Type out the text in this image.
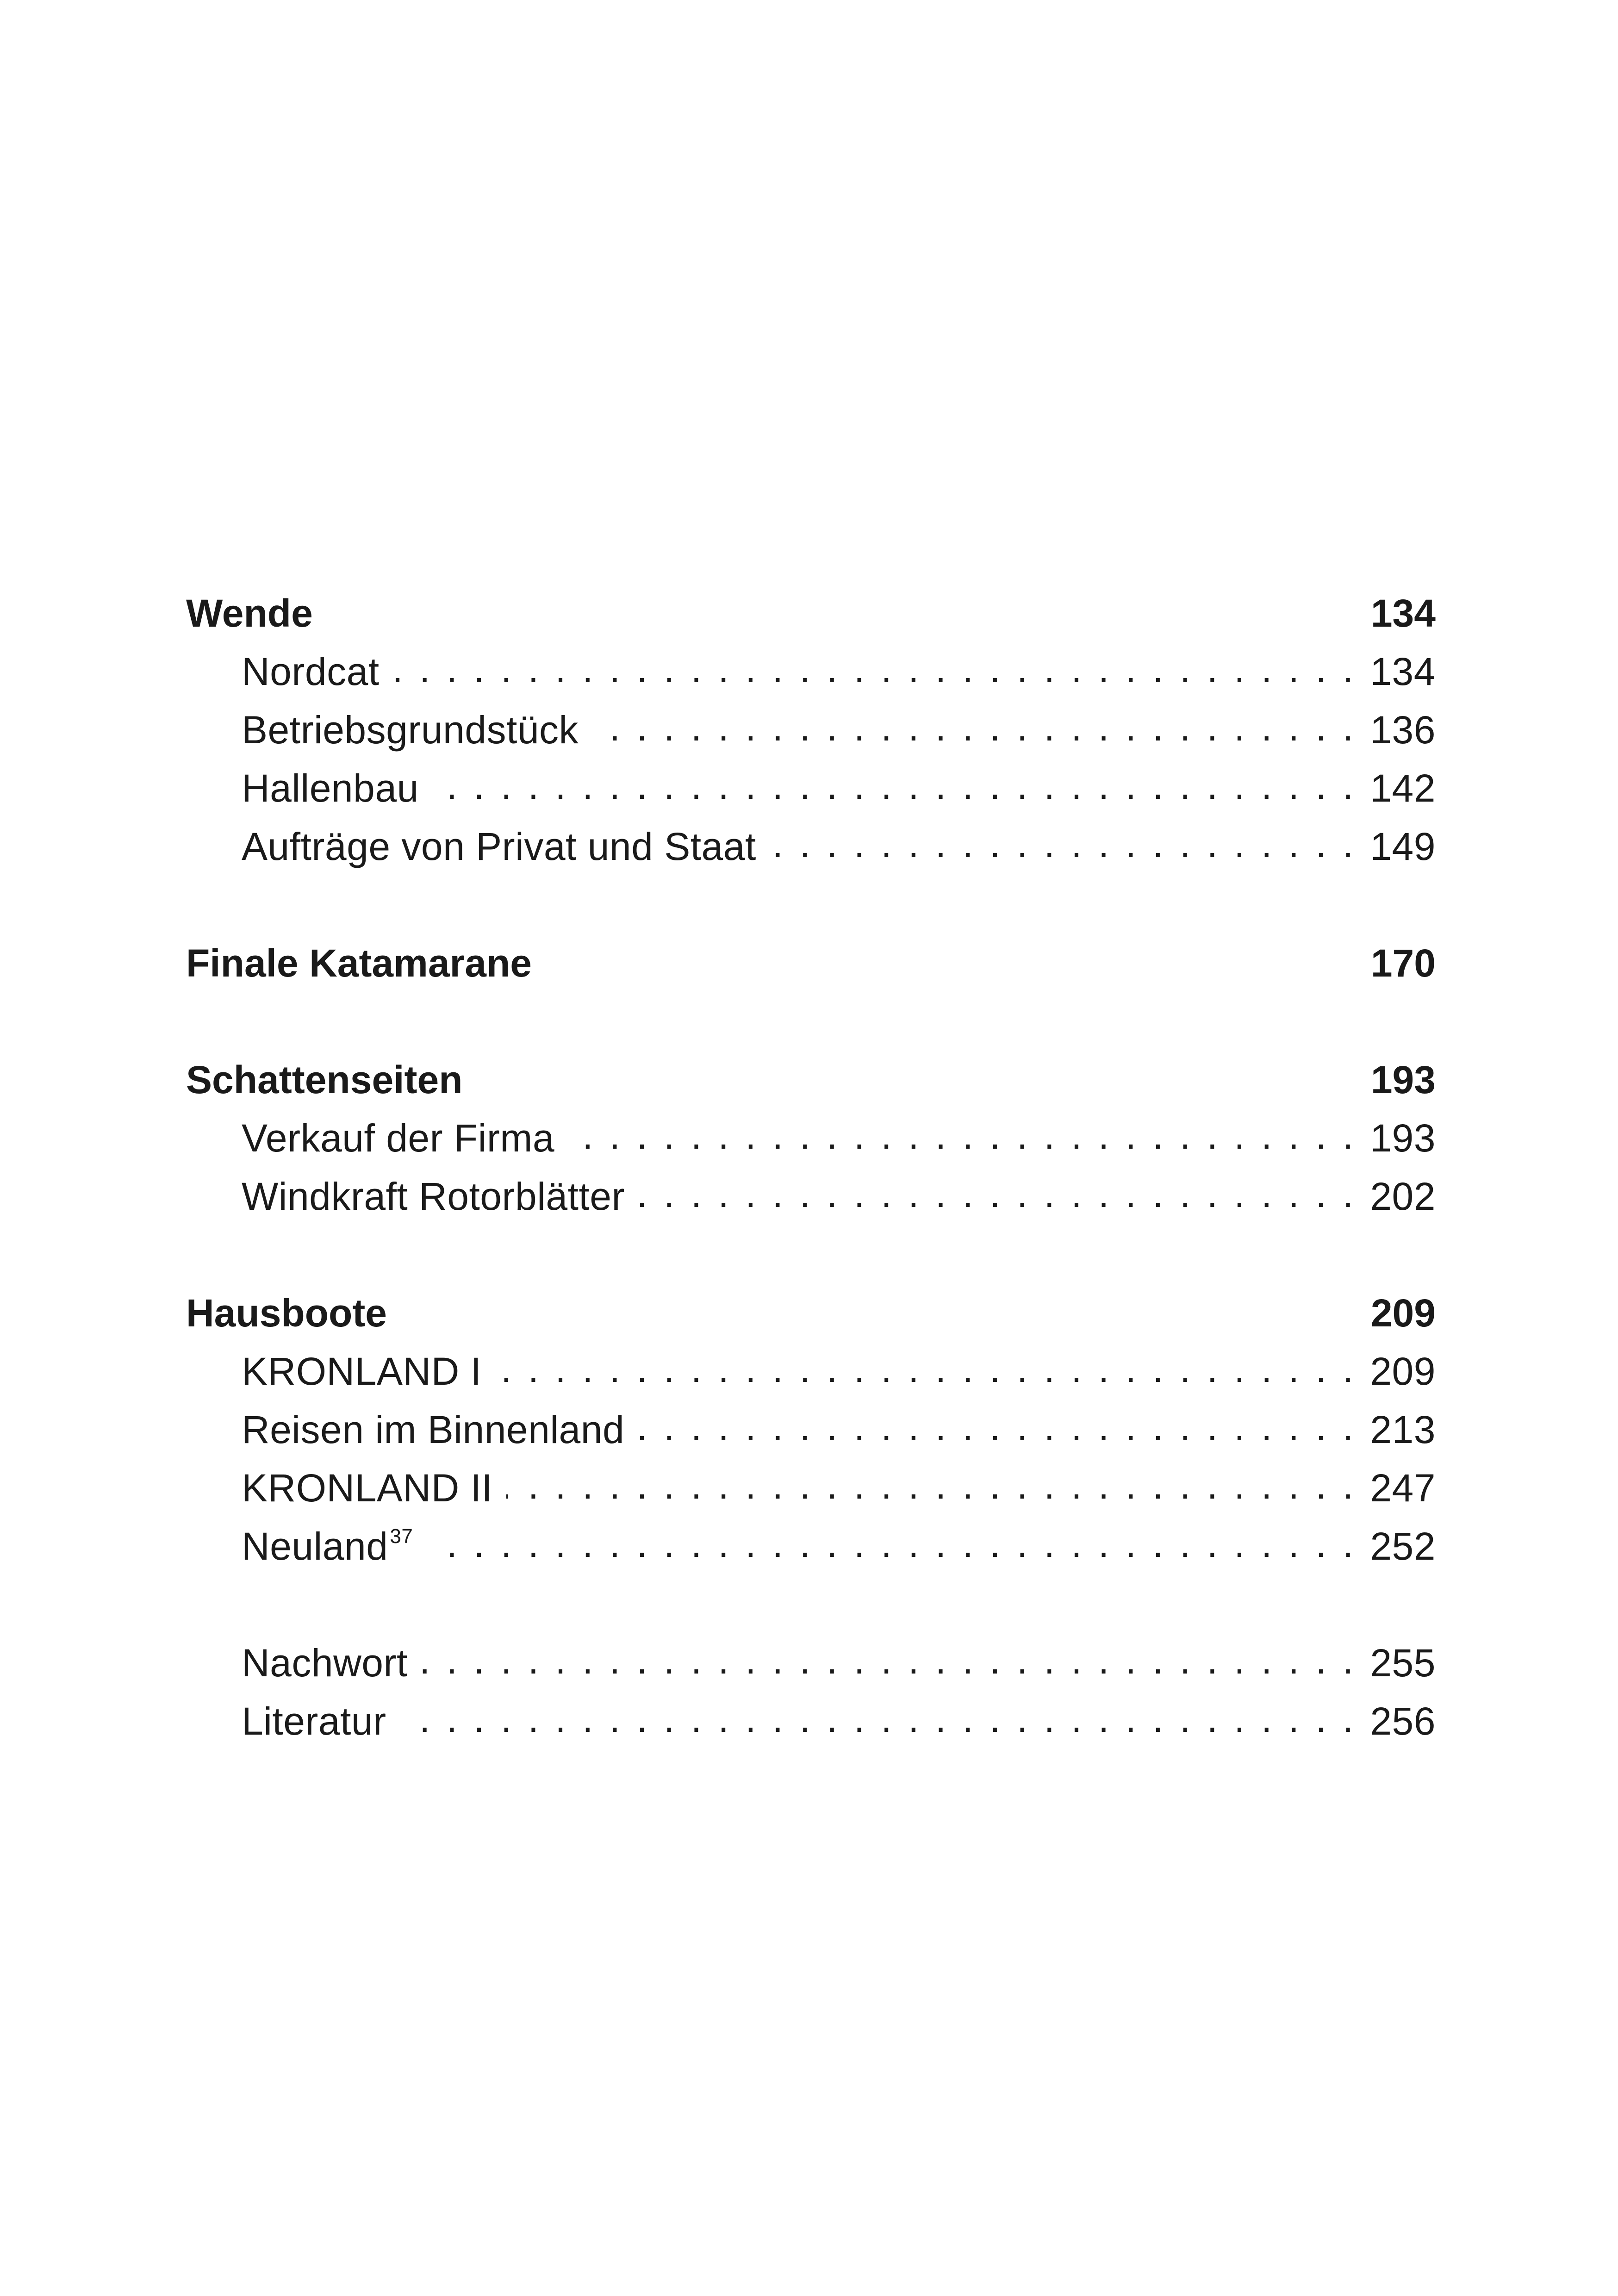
Wende	134
Nordcat . . .	134
Betriebsgrundstück . . .	136
Hallenbau . . .	142
Aufträge von Privat und Staat . . .	149
Finale Katamarane	170
Schattenseiten	193
Verkauf der Firma . . .	193
Windkraft Rotorblätter . . .	202
Hausboote	209
KRONLAND I . . .	209
Reisen im Binnenland . . .	213
KRONLAND II . . .	247
Neuland$^{37}$ . . .	252
Nachwort . . .	255
Literatur . . .	256
